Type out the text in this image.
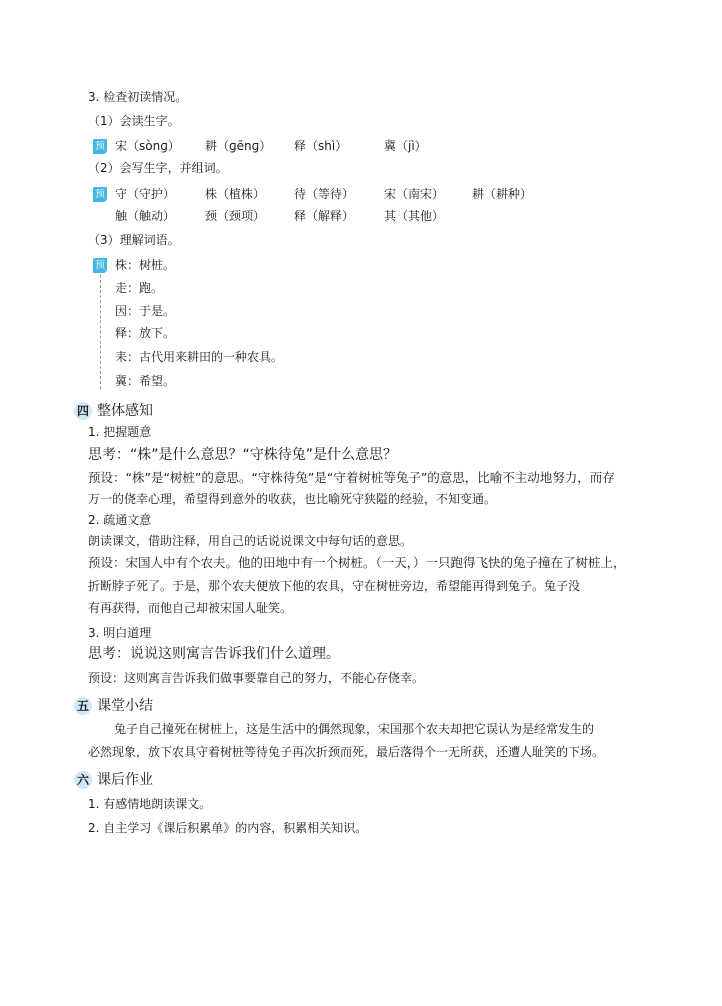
3. 检查初读情况。
（1）会读生字。
预 宋（sònɡ） 耕（ɡēnɡ） 释（shì）	冀（jì）
（2）会写生字，并组词。
预 守（守护） 株（植株） 待（等待） 宋（南宋） 耕（耕种）
触（触动） 颈（颈项） 释（解释） 其（其他）
（3）理解词语。
预 株：树桩。
走：跑。
因：于是。
释：放下。
耒：古代用来耕田的一种农具。
冀：希望。
四 整体感知
1. 把握题意
思考：“株”是什么意思？“守株待兔”是什么意思？
预设：“株”是“树桩”的意思。“守株待兔”是“守着树桩等兔子”的意思，比喻不主动地努力，而存
万一的侥幸心理，希望得到意外的收获，也比喻死守狭隘的经验，不知变通。
2. 疏通文意
朗读课文，借助注释，用自己的话说说课文中每句话的意思。
预设：宋国人中有个农夫。他的田地中有一个树桩。（一天，）一只跑得飞快的兔子撞在了树桩上，
折断脖子死了。于是，那个农夫便放下他的农具，守在树桩旁边，希望能再得到兔子。兔子没
有再获得，而他自己却被宋国人耻笑。
3. 明白道理
思考：说说这则寓言告诉我们什么道理。
预设：这则寓言告诉我们做事要靠自己的努力，不能心存侥幸。
五 课堂小结
兔子自己撞死在树桩上，这是生活中的偶然现象，宋国那个农夫却把它误认为是经常发生的
必然现象，放下农具守着树桩等待兔子再次折颈而死，最后落得个一无所获，还遭人耻笑的下场。
六 课后作业
1. 有感情地朗读课文。
2. 自主学习《课后积累单》的内容，积累相关知识。
